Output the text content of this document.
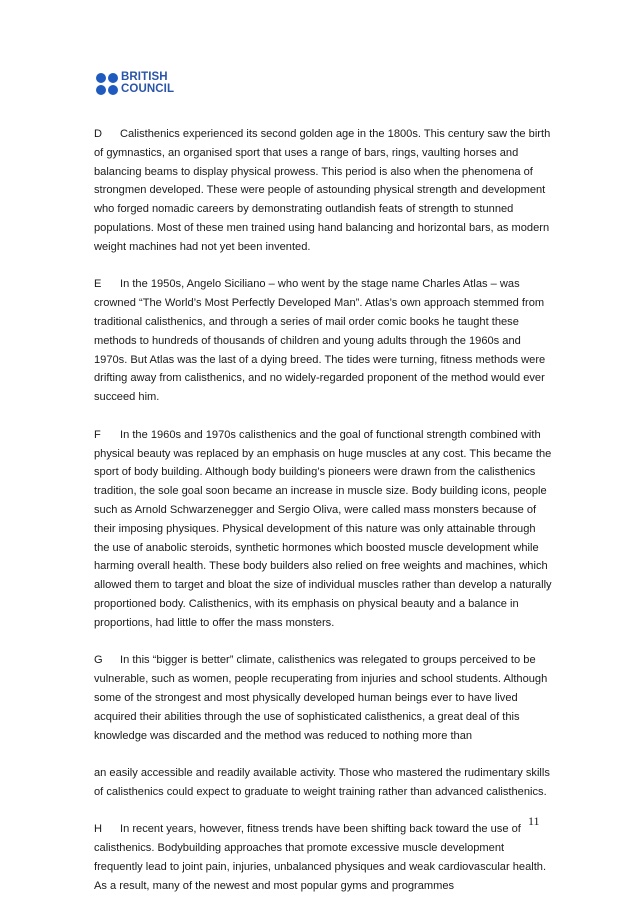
BRITISH
COUNCIL

D Calisthenics experienced its second golden age in the 1800s. This century saw the birth of gymnastics, an organised sport that uses a range of bars, rings, vaulting horses and balancing beams to display physical prowess. This period is also when the phenomena of strongmen developed. These were people of astounding physical strength and development who forged nomadic careers by demonstrating outlandish feats of strength to stunned populations. Most of these men trained using hand balancing and horizontal bars, as modern weight machines had not yet been invented.

E In the 1950s, Angelo Siciliano – who went by the stage name Charles Atlas – was crowned “The World’s Most Perfectly Developed Man”. Atlas’s own approach stemmed from traditional calisthenics, and through a series of mail order comic books he taught these methods to hundreds of thousands of children and young adults through the 1960s and 1970s. But Atlas was the last of a dying breed. The tides were turning, fitness methods were drifting away from calisthenics, and no widely-regarded proponent of the method would ever succeed him.

F In the 1960s and 1970s calisthenics and the goal of functional strength combined with physical beauty was replaced by an emphasis on huge muscles at any cost. This became the sport of body building. Although body building’s pioneers were drawn from the calisthenics tradition, the sole goal soon became an increase in muscle size. Body building icons, people such as Arnold Schwarzenegger and Sergio Oliva, were called mass monsters because of their imposing physiques. Physical development of this nature was only attainable through the use of anabolic steroids, synthetic hormones which boosted muscle development while harming overall health. These body builders also relied on free weights and machines, which allowed them to target and bloat the size of individual muscles rather than develop a naturally proportioned body. Calisthenics, with its emphasis on physical beauty and a balance in proportions, had little to offer the mass monsters.

G In this “bigger is better” climate, calisthenics was relegated to groups perceived to be vulnerable, such as women, people recuperating from injuries and school students. Although some of the strongest and most physically developed human beings ever to have lived acquired their abilities through the use of sophisticated calisthenics, a great deal of this knowledge was discarded and the method was reduced to nothing more than

an easily accessible and readily available activity. Those who mastered the rudimentary skills of calisthenics could expect to graduate to weight training rather than advanced calisthenics.

H In recent years, however, fitness trends have been shifting back toward the use of calisthenics. Bodybuilding approaches that promote excessive muscle development frequently lead to joint pain, injuries, unbalanced physiques and weak cardiovascular health. As a result, many of the newest and most popular gyms and programmes

11
